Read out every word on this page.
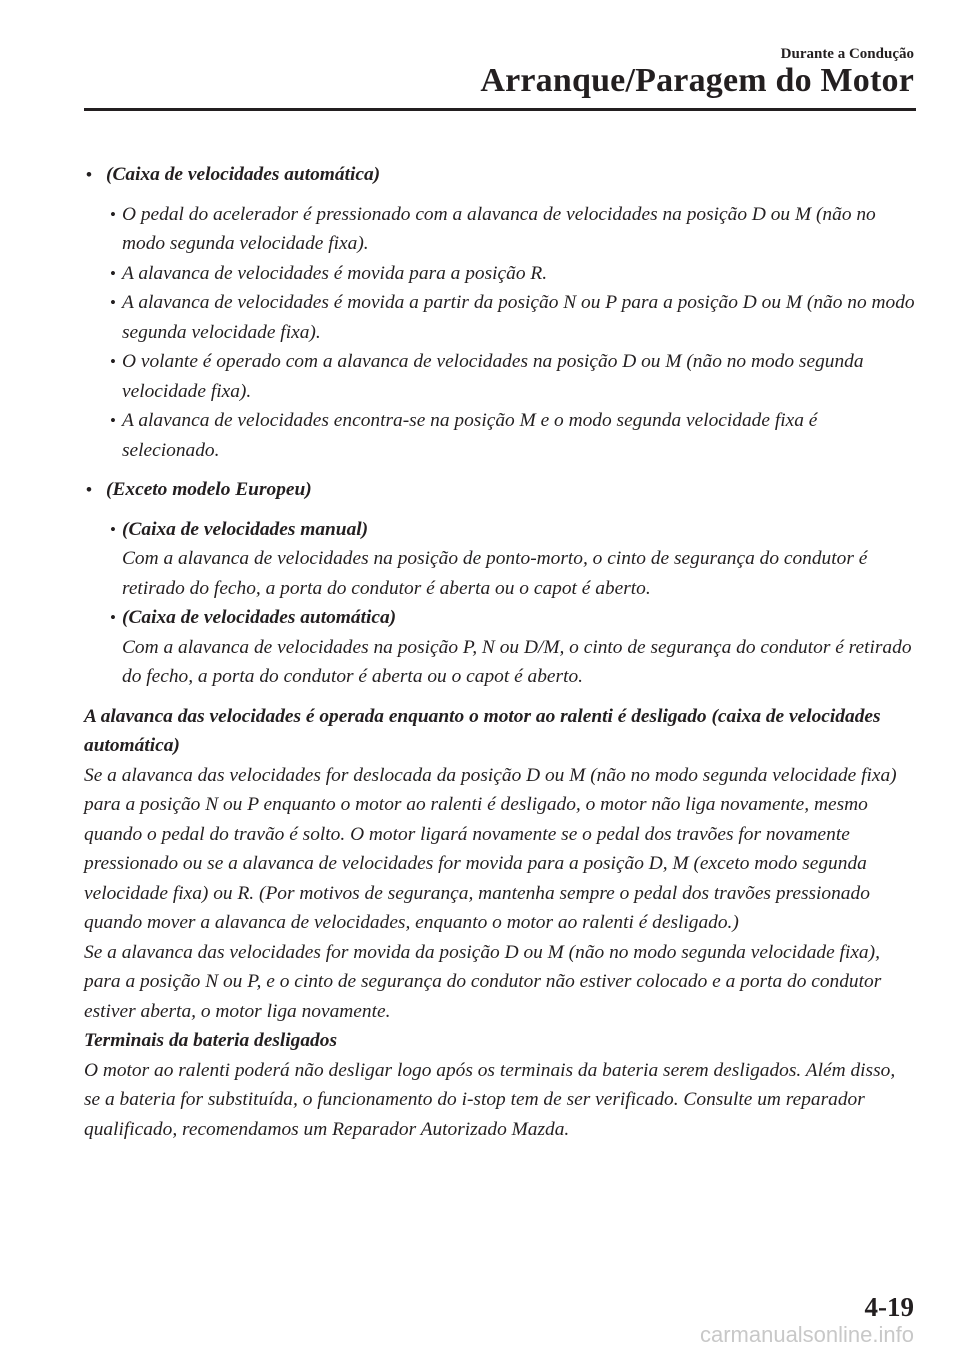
Durante a Condução
Arranque/Paragem do Motor
• (Caixa de velocidades automática)
• O pedal do acelerador é pressionado com a alavanca de velocidades na posição D ou M (não no modo segunda velocidade fixa).
• A alavanca de velocidades é movida para a posição R.
• A alavanca de velocidades é movida a partir da posição N ou P para a posição D ou M (não no modo segunda velocidade fixa).
• O volante é operado com a alavanca de velocidades na posição D ou M (não no modo segunda velocidade fixa).
• A alavanca de velocidades encontra-se na posição M e o modo segunda velocidade fixa é selecionado.
• (Exceto modelo Europeu)
• (Caixa de velocidades manual)
Com a alavanca de velocidades na posição de ponto-morto, o cinto de segurança do condutor é retirado do fecho, a porta do condutor é aberta ou o capot é aberto.
• (Caixa de velocidades automática)
Com a alavanca de velocidades na posição P, N ou D/M, o cinto de segurança do condutor é retirado do fecho, a porta do condutor é aberta ou o capot é aberto.
A alavanca das velocidades é operada enquanto o motor ao ralenti é desligado (caixa de velocidades automática)
Se a alavanca das velocidades for deslocada da posição D ou M (não no modo segunda velocidade fixa) para a posição N ou P enquanto o motor ao ralenti é desligado, o motor não liga novamente, mesmo quando o pedal do travão é solto. O motor ligará novamente se o pedal dos travões for novamente pressionado ou se a alavanca de velocidades for movida para a posição D, M (exceto modo segunda velocidade fixa) ou R. (Por motivos de segurança, mantenha sempre o pedal dos travões pressionado quando mover a alavanca de velocidades, enquanto o motor ao ralenti é desligado.)
Se a alavanca das velocidades for movida da posição D ou M (não no modo segunda velocidade fixa), para a posição N ou P, e o cinto de segurança do condutor não estiver colocado e a porta do condutor estiver aberta, o motor liga novamente.
Terminais da bateria desligados
O motor ao ralenti poderá não desligar logo após os terminais da bateria serem desligados. Além disso, se a bateria for substituída, o funcionamento do i-stop tem de ser verificado. Consulte um reparador qualificado, recomendamos um Reparador Autorizado Mazda.
4-19
carmanualsonline.info
